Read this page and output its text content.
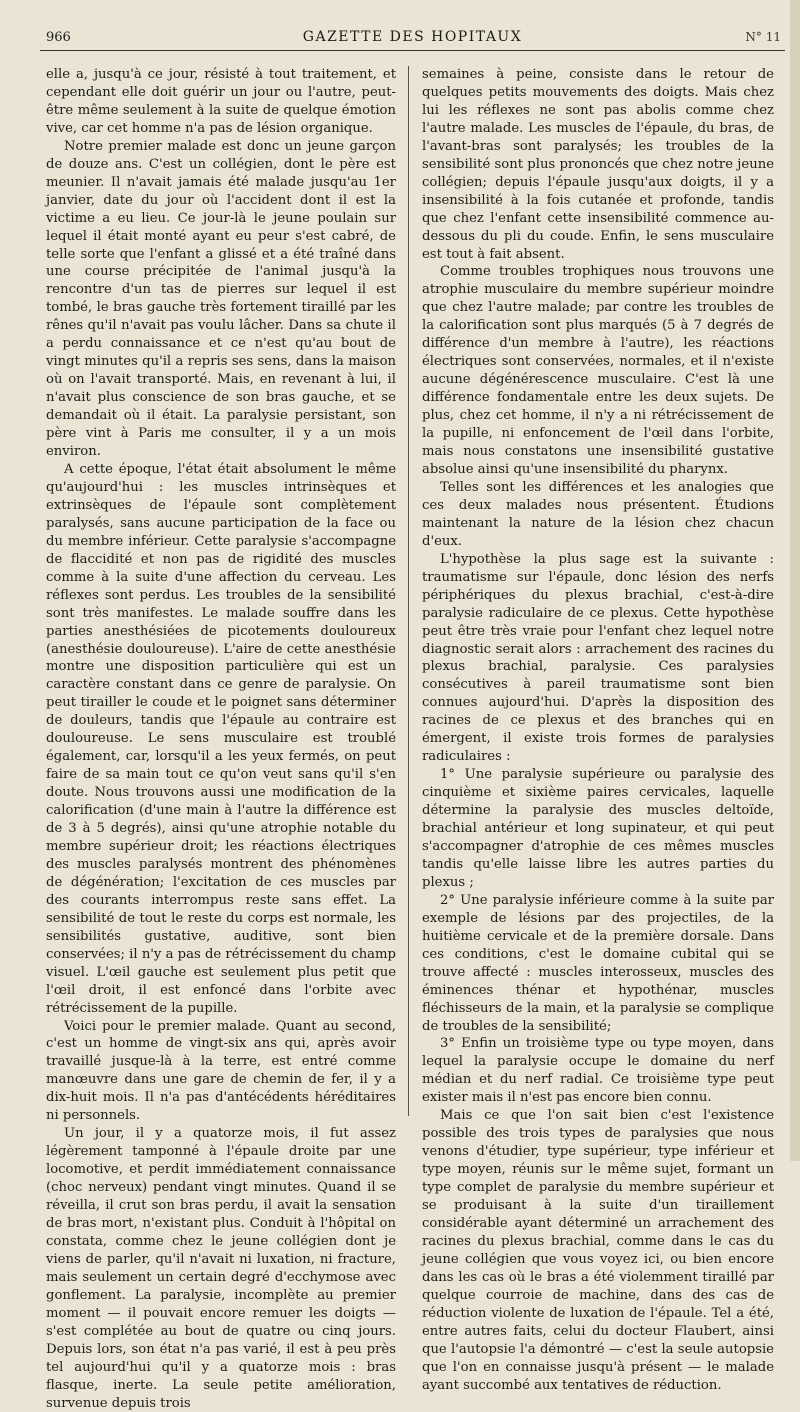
966	GAZETTE DES HOPITAUX	N° 11

elle a, jusqu'à ce jour, résisté à tout traitement, et cependant elle doit guérir un jour ou l'autre, peut-être même seulement à la suite de quelque émotion vive, car cet homme n'a pas de lésion organique.

Notre premier malade est donc un jeune garçon de douze ans. C'est un collégien, dont le père est meunier. Il n'avait jamais été malade jusqu'au 1er janvier, date du jour où l'accident dont il est la victime a eu lieu. Ce jour-là le jeune poulain sur lequel il était monté ayant eu peur s'est cabré, de telle sorte que l'enfant a glissé et a été traîné dans une course précipitée de l'animal jusqu'à la rencontre d'un tas de pierres sur lequel il est tombé, le bras gauche très fortement tiraillé par les rênes qu'il n'avait pas voulu lâcher. Dans sa chute il a perdu connaissance et ce n'est qu'au bout de vingt minutes qu'il a repris ses sens, dans la maison où on l'avait transporté. Mais, en revenant à lui, il n'avait plus conscience de son bras gauche, et se demandait où il était. La paralysie persistant, son père vint à Paris me consulter, il y a un mois environ.

A cette époque, l'état était absolument le même qu'aujourd'hui : les muscles intrinsèques et extrinsèques de l'épaule sont complètement paralysés, sans aucune participation de la face ou du membre inférieur. Cette paralysie s'accompagne de flaccidité et non pas de rigidité des muscles comme à la suite d'une affection du cerveau. Les réflexes sont perdus. Les troubles de la sensibilité sont très manifestes. Le malade souffre dans les parties anesthésiées de picotements douloureux (anesthésie douloureuse). L'aire de cette anesthésie montre une disposition particulière qui est un caractère constant dans ce genre de paralysie. On peut tirailler le coude et le poignet sans déterminer de douleurs, tandis que l'épaule au contraire est douloureuse. Le sens musculaire est troublé également, car, lorsqu'il a les yeux fermés, on peut faire de sa main tout ce qu'on veut sans qu'il s'en doute. Nous trouvons aussi une modification de la calorification (d'une main à l'autre la différence est de 3 à 5 degrés), ainsi qu'une atrophie notable du membre supérieur droit; les réactions électriques des muscles paralysés montrent des phénomènes de dégénération; l'excitation de ces muscles par des courants interrompus reste sans effet. La sensibilité de tout le reste du corps est normale, les sensibilités gustative, auditive, sont bien conservées; il n'y a pas de rétrécissement du champ visuel. L'œil gauche est seulement plus petit que l'œil droit, il est enfoncé dans l'orbite avec rétrécissement de la pupille.

Voici pour le premier malade. Quant au second, c'est un homme de vingt-six ans qui, après avoir travaillé jusque-là à la terre, est entré comme manœuvre dans une gare de chemin de fer, il y a dix-huit mois. Il n'a pas d'antécédents héréditaires ni personnels.

Un jour, il y a quatorze mois, il fut assez légèrement tamponné à l'épaule droite par une locomotive, et perdit immédiatement connaissance (choc nerveux) pendant vingt minutes. Quand il se réveilla, il crut son bras perdu, il avait la sensation de bras mort, n'existant plus. Conduit à l'hôpital on constata, comme chez le jeune collégien dont je viens de parler, qu'il n'avait ni luxation, ni fracture, mais seulement un certain degré d'ecchymose avec gonflement. La paralysie, incomplète au premier moment — il pouvait encore remuer les doigts — s'est complétée au bout de quatre ou cinq jours. Depuis lors, son état n'a pas varié, il est à peu près tel aujourd'hui qu'il y a quatorze mois : bras flasque, inerte. La seule petite amélioration, survenue depuis trois

semaines à peine, consiste dans le retour de quelques petits mouvements des doigts. Mais chez lui les réflexes ne sont pas abolis comme chez l'autre malade. Les muscles de l'épaule, du bras, de l'avant-bras sont paralysés; les troubles de la sensibilité sont plus prononcés que chez notre jeune collégien; depuis l'épaule jusqu'aux doigts, il y a insensibilité à la fois cutanée et profonde, tandis que chez l'enfant cette insensibilité commence au-dessous du pli du coude. Enfin, le sens musculaire est tout à fait absent.

Comme troubles trophiques nous trouvons une atrophie musculaire du membre supérieur moindre que chez l'autre malade; par contre les troubles de la calorification sont plus marqués (5 à 7 degrés de différence d'un membre à l'autre), les réactions électriques sont conservées, normales, et il n'existe aucune dégénérescence musculaire. C'est là une différence fondamentale entre les deux sujets. De plus, chez cet homme, il n'y a ni rétrécissement de la pupille, ni enfoncement de l'œil dans l'orbite, mais nous constatons une insensibilité gustative absolue ainsi qu'une insensibilité du pharynx.

Telles sont les différences et les analogies que ces deux malades nous présentent. Étudions maintenant la nature de la lésion chez chacun d'eux.

L'hypothèse la plus sage est la suivante : traumatisme sur l'épaule, donc lésion des nerfs périphériques du plexus brachial, c'est-à-dire paralysie radiculaire de ce plexus. Cette hypothèse peut être très vraie pour l'enfant chez lequel notre diagnostic serait alors : arrachement des racines du plexus brachial, paralysie. Ces paralysies consécutives à pareil traumatisme sont bien connues aujourd'hui. D'après la disposition des racines de ce plexus et des branches qui en émergent, il existe trois formes de paralysies radiculaires :

1° Une paralysie supérieure ou paralysie des cinquième et sixième paires cervicales, laquelle détermine la paralysie des muscles deltoïde, brachial antérieur et long supinateur, et qui peut s'accompagner d'atrophie de ces mêmes muscles tandis qu'elle laisse libre les autres parties du plexus ;

2° Une paralysie inférieure comme à la suite par exemple de lésions par des projectiles, de la huitième cervicale et de la première dorsale. Dans ces conditions, c'est le domaine cubital qui se trouve affecté : muscles interosseux, muscles des éminences thénar et hypothénar, muscles fléchisseurs de la main, et la paralysie se complique de troubles de la sensibilité;

3° Enfin un troisième type ou type moyen, dans lequel la paralysie occupe le domaine du nerf médian et du nerf radial. Ce troisième type peut exister mais il n'est pas encore bien connu.

Mais ce que l'on sait bien c'est l'existence possible des trois types de paralysies que nous venons d'étudier, type supérieur, type inférieur et type moyen, réunis sur le même sujet, formant un type complet de paralysie du membre supérieur et se produisant à la suite d'un tiraillement considérable ayant déterminé un arrachement des racines du plexus brachial, comme dans le cas du jeune collégien que vous voyez ici, ou bien encore dans les cas où le bras a été violemment tiraillé par quelque courroie de machine, dans des cas de réduction violente de luxation de l'épaule. Tel a été, entre autres faits, celui du docteur Flaubert, ainsi que l'autopsie l'a démontré — c'est la seule autopsie que l'on en connaisse jusqu'à présent — le malade ayant succombé aux tentatives de réduction.
